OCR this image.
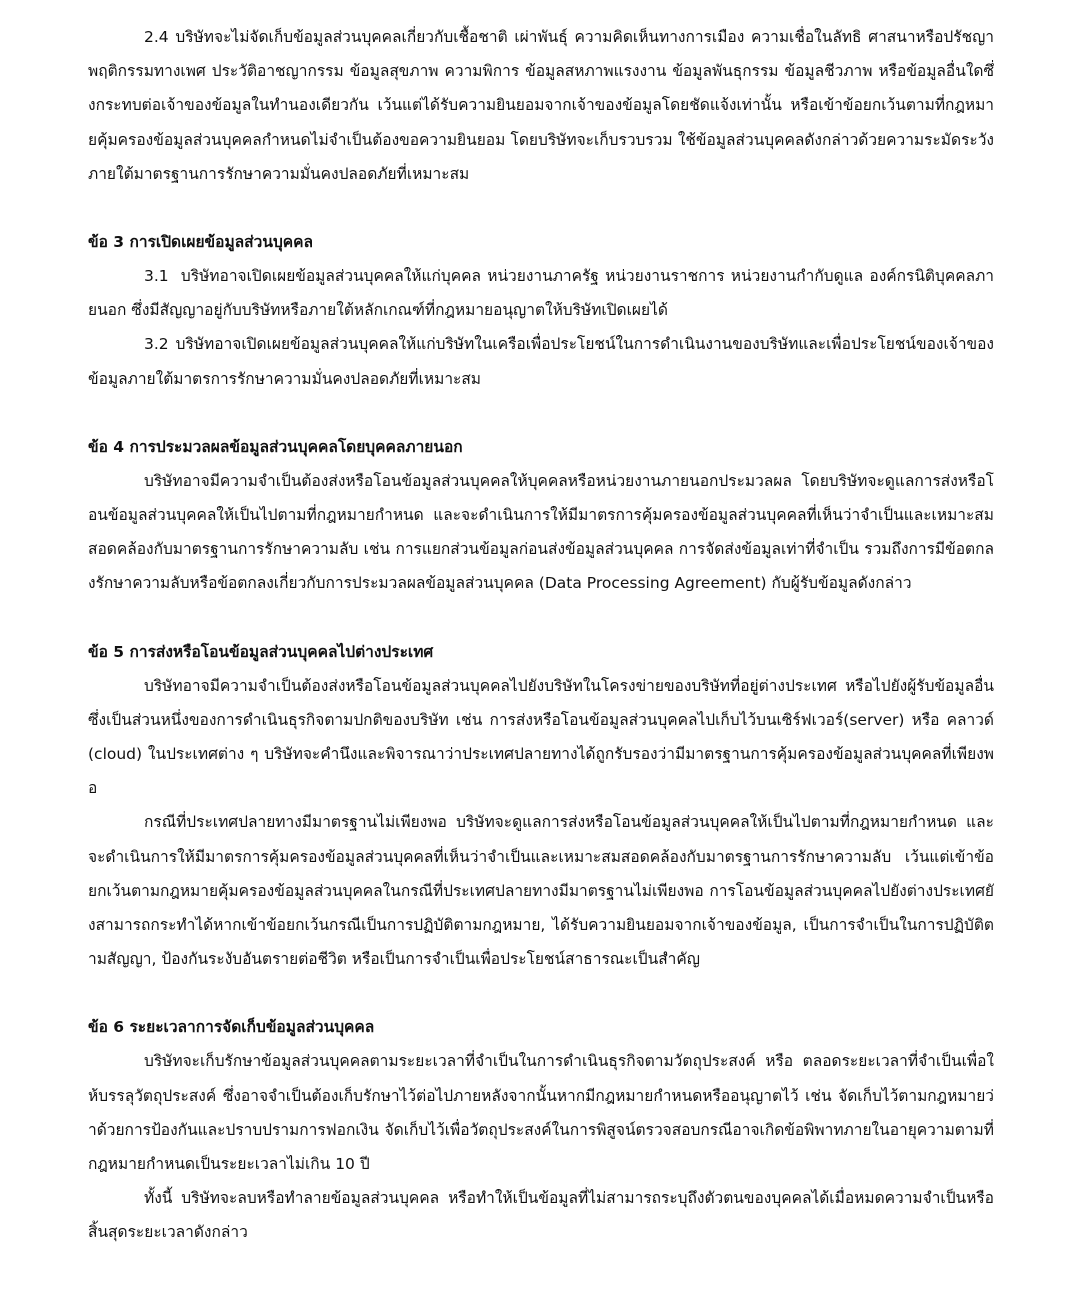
2.4 บริษัทจะไม่จัดเก็บข้อมูลส่วนบุคคลเกี่ยวกับเชื้อชาติ เผ่าพันธุ์ ความคิดเห็นทางการเมือง ความเชื่อในลัทธิ ศาสนาหรือปรัชญา พฤติกรรมทางเพศ ประวัติอาชญากรรม ข้อมูลสุขภาพ ความพิการ ข้อมูลสหภาพแรงงาน ข้อมูลพันธุกรรม ข้อมูลชีวภาพ หรือข้อมูลอื่นใดซึ่งกระทบต่อเจ้าของข้อมูลในทำนองเดียวกัน เว้นแต่ได้รับความยินยอมจากเจ้าของข้อมูลโดยชัดแจ้งเท่านั้น หรือเข้าข้อยกเว้นตามที่กฎหมายคุ้มครองข้อมูลส่วนบุคคลกำหนดไม่จำเป็นต้องขอความยินยอม โดยบริษัทจะเก็บรวบรวม ใช้ข้อมูลส่วนบุคคลดังกล่าวด้วยความระมัดระวังภายใต้มาตรฐานการรักษาความมั่นคงปลอดภัยที่เหมาะสม

ข้อ 3 การเปิดเผยข้อมูลส่วนบุคคล

3.1 บริษัทอาจเปิดเผยข้อมูลส่วนบุคคลให้แก่บุคคล หน่วยงานภาครัฐ หน่วยงานราชการ หน่วยงานกำกับดูแล องค์กรนิติบุคคลภายนอก ซึ่งมีสัญญาอยู่กับบริษัทหรือภายใต้หลักเกณฑ์ที่กฎหมายอนุญาตให้บริษัทเปิดเผยได้

3.2 บริษัทอาจเปิดเผยข้อมูลส่วนบุคคลให้แก่บริษัทในเครือเพื่อประโยชน์ในการดำเนินงานของบริษัทและเพื่อประโยชน์ของเจ้าของข้อมูลภายใต้มาตรการรักษาความมั่นคงปลอดภัยที่เหมาะสม

ข้อ 4 การประมวลผลข้อมูลส่วนบุคคลโดยบุคคลภายนอก

บริษัทอาจมีความจำเป็นต้องส่งหรือโอนข้อมูลส่วนบุคคลให้บุคคลหรือหน่วยงานภายนอกประมวลผล โดยบริษัทจะดูแลการส่งหรือโอนข้อมูลส่วนบุคคลให้เป็นไปตามที่กฎหมายกำหนด และจะดำเนินการให้มีมาตรการคุ้มครองข้อมูลส่วนบุคคลที่เห็นว่าจำเป็นและเหมาะสมสอดคล้องกับมาตรฐานการรักษาความลับ เช่น การแยกส่วนข้อมูลก่อนส่งข้อมูลส่วนบุคคล การจัดส่งข้อมูลเท่าที่จำเป็น รวมถึงการมีข้อตกลงรักษาความลับหรือข้อตกลงเกี่ยวกับการประมวลผลข้อมูลส่วนบุคคล (Data Processing Agreement) กับผู้รับข้อมูลดังกล่าว

ข้อ 5 การส่งหรือโอนข้อมูลส่วนบุคคลไปต่างประเทศ

บริษัทอาจมีความจำเป็นต้องส่งหรือโอนข้อมูลส่วนบุคคลไปยังบริษัทในโครงข่ายของบริษัทที่อยู่ต่างประเทศ หรือไปยังผู้รับข้อมูลอื่นซึ่งเป็นส่วนหนึ่งของการดำเนินธุรกิจตามปกติของบริษัท เช่น การส่งหรือโอนข้อมูลส่วนบุคคลไปเก็บไว้บนเซิร์ฟเวอร์(server) หรือ คลาวด์ (cloud) ในประเทศต่าง ๆ บริษัทจะคำนึงและพิจารณาว่าประเทศปลายทางได้ถูกรับรองว่ามีมาตรฐานการคุ้มครองข้อมูลส่วนบุคคลที่เพียงพอ

กรณีที่ประเทศปลายทางมีมาตรฐานไม่เพียงพอ บริษัทจะดูแลการส่งหรือโอนข้อมูลส่วนบุคคลให้เป็นไปตามที่กฎหมายกำหนด และจะดำเนินการให้มีมาตรการคุ้มครองข้อมูลส่วนบุคคลที่เห็นว่าจำเป็นและเหมาะสมสอดคล้องกับมาตรฐานการรักษาความลับ เว้นแต่เข้าข้อยกเว้นตามกฎหมายคุ้มครองข้อมูลส่วนบุคคลในกรณีที่ประเทศปลายทางมีมาตรฐานไม่เพียงพอ การโอนข้อมูลส่วนบุคคลไปยังต่างประเทศยังสามารถกระทำได้หากเข้าข้อยกเว้นกรณีเป็นการปฏิบัติตามกฎหมาย, ได้รับความยินยอมจากเจ้าของข้อมูล, เป็นการจำเป็นในการปฏิบัติตามสัญญา, ป้องกันระงับอันตรายต่อชีวิต หรือเป็นการจำเป็นเพื่อประโยชน์สาธารณะเป็นสำคัญ

ข้อ 6 ระยะเวลาการจัดเก็บข้อมูลส่วนบุคคล

บริษัทจะเก็บรักษาข้อมูลส่วนบุคคลตามระยะเวลาที่จำเป็นในการดำเนินธุรกิจตามวัตถุประสงค์ หรือ ตลอดระยะเวลาที่จำเป็นเพื่อให้บรรลุวัตถุประสงค์ ซึ่งอาจจำเป็นต้องเก็บรักษาไว้ต่อไปภายหลังจากนั้นหากมีกฎหมายกำหนดหรืออนุญาตไว้ เช่น จัดเก็บไว้ตามกฎหมายว่าด้วยการป้องกันและปราบปรามการฟอกเงิน จัดเก็บไว้เพื่อวัตถุประสงค์ในการพิสูจน์ตรวจสอบกรณีอาจเกิดข้อพิพาทภายในอายุความตามที่กฎหมายกำหนดเป็นระยะเวลาไม่เกิน 10 ปี

ทั้งนี้ บริษัทจะลบหรือทำลายข้อมูลส่วนบุคคล หรือทำให้เป็นข้อมูลที่ไม่สามารถระบุถึงตัวตนของบุคคลได้เมื่อหมดความจำเป็นหรือสิ้นสุดระยะเวลาดังกล่าว
